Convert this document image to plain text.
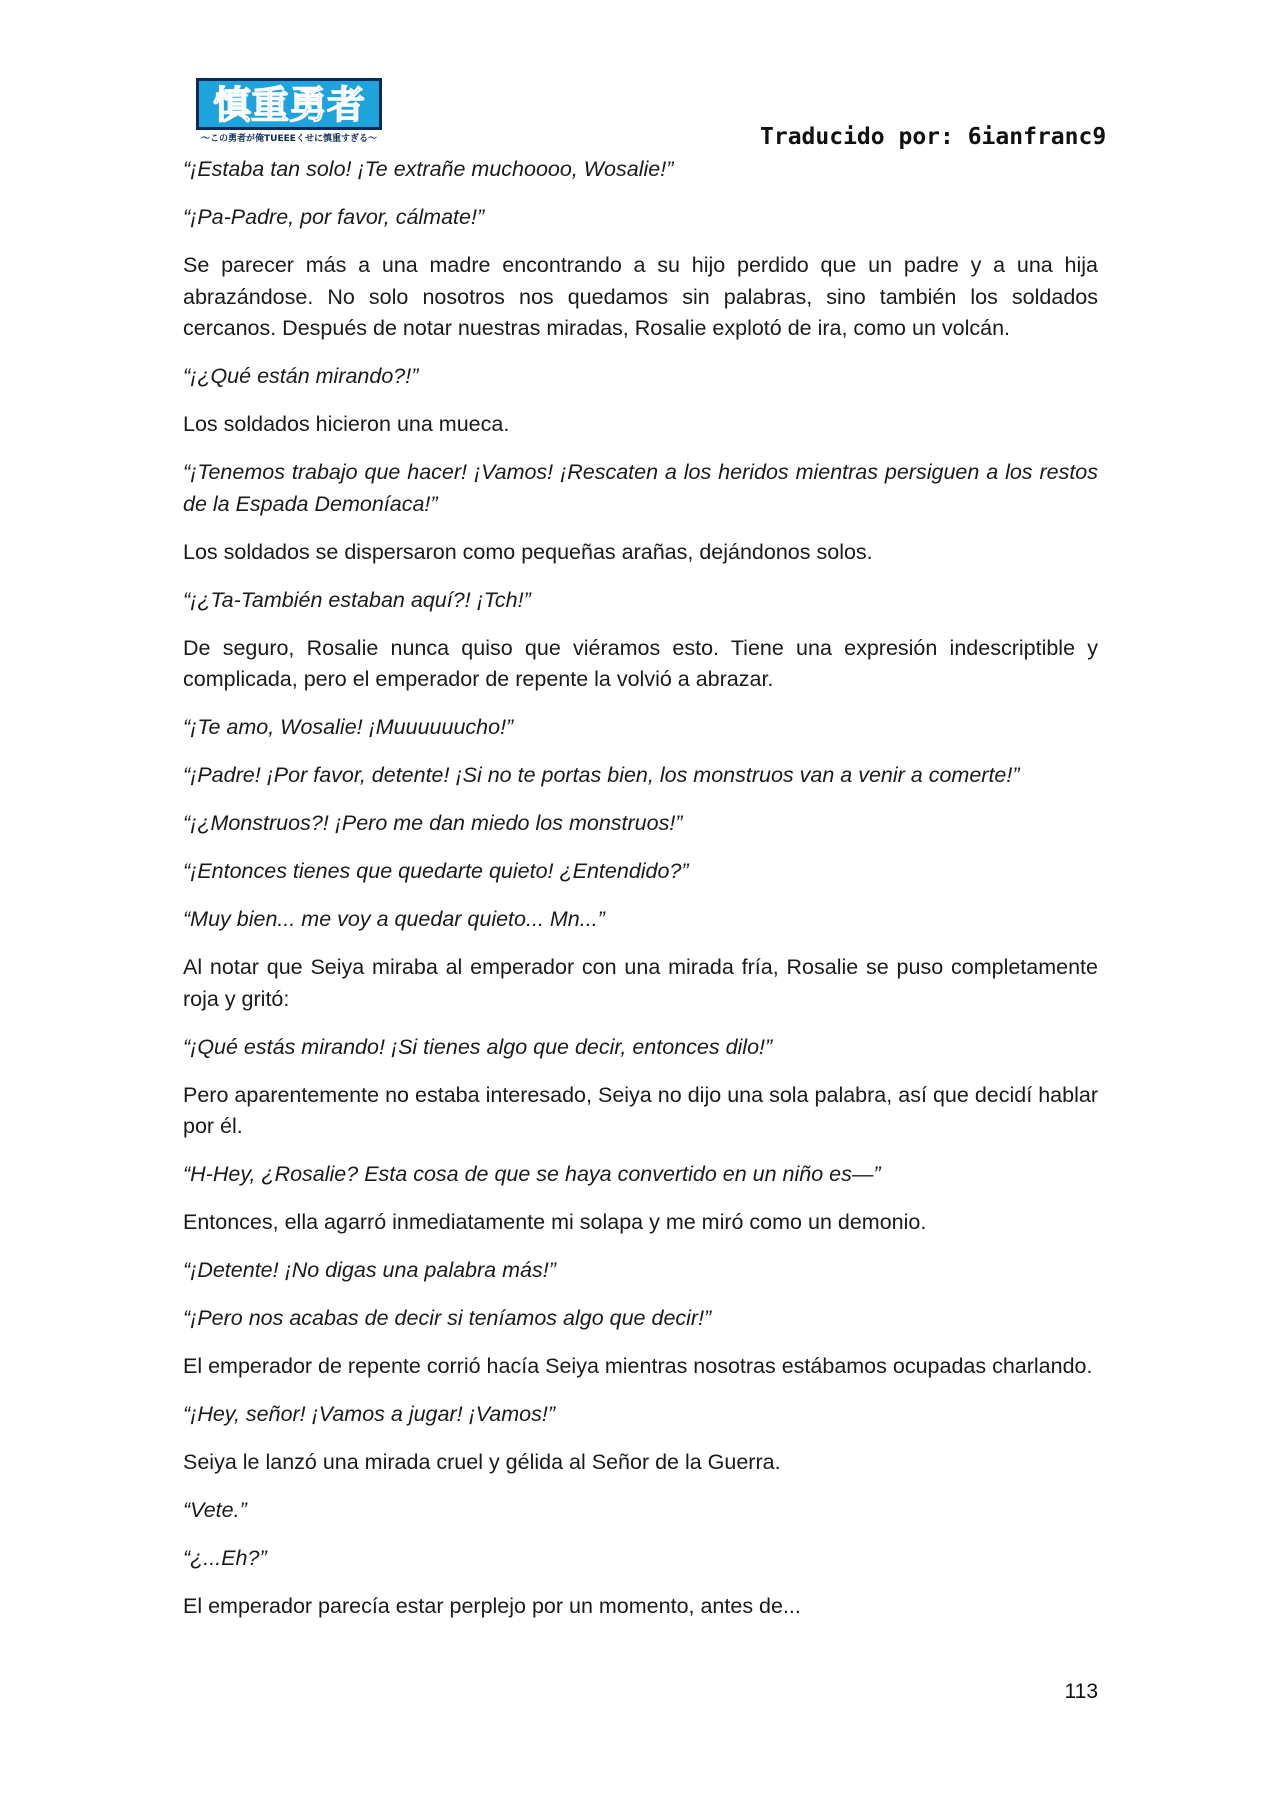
慎重勇者
〜この勇者が俺TUEEEくせに慎重すぎる〜	Traducido por: 6ianfranc9

“¡Estaba tan solo! ¡Te extrañe muchoooo, Wosalie!”

“¡Pa-Padre, por favor, cálmate!”

Se parecer más a una madre encontrando a su hijo perdido que un padre y a una hija abrazándose. No solo nosotros nos quedamos sin palabras, sino también los soldados cercanos. Después de notar nuestras miradas, Rosalie explotó de ira, como un volcán.

“¡¿Qué están mirando?!”

Los soldados hicieron una mueca.

“¡Tenemos trabajo que hacer! ¡Vamos! ¡Rescaten a los heridos mientras persiguen a los restos de la Espada Demoníaca!”

Los soldados se dispersaron como pequeñas arañas, dejándonos solos.

“¡¿Ta-También estaban aquí?! ¡Tch!”

De seguro, Rosalie nunca quiso que viéramos esto. Tiene una expresión indescriptible y complicada, pero el emperador de repente la volvió a abrazar.

“¡Te amo, Wosalie! ¡Muuuuuucho!”

“¡Padre! ¡Por favor, detente! ¡Si no te portas bien, los monstruos van a venir a comerte!”

“¡¿Monstruos?! ¡Pero me dan miedo los monstruos!”

“¡Entonces tienes que quedarte quieto! ¿Entendido?”

“Muy bien... me voy a quedar quieto... Mn...”

Al notar que Seiya miraba al emperador con una mirada fría, Rosalie se puso completamente roja y gritó:

“¡Qué estás mirando! ¡Si tienes algo que decir, entonces dilo!”

Pero aparentemente no estaba interesado, Seiya no dijo una sola palabra, así que decidí hablar por él.

“H-Hey, ¿Rosalie? Esta cosa de que se haya convertido en un niño es—”

Entonces, ella agarró inmediatamente mi solapa y me miró como un demonio.

“¡Detente! ¡No digas una palabra más!”

“¡Pero nos acabas de decir si teníamos algo que decir!”

El emperador de repente corrió hacía Seiya mientras nosotras estábamos ocupadas charlando.

“¡Hey, señor! ¡Vamos a jugar! ¡Vamos!”

Seiya le lanzó una mirada cruel y gélida al Señor de la Guerra.

“Vete.”

“¿...Eh?”

El emperador parecía estar perplejo por un momento, antes de...

113
